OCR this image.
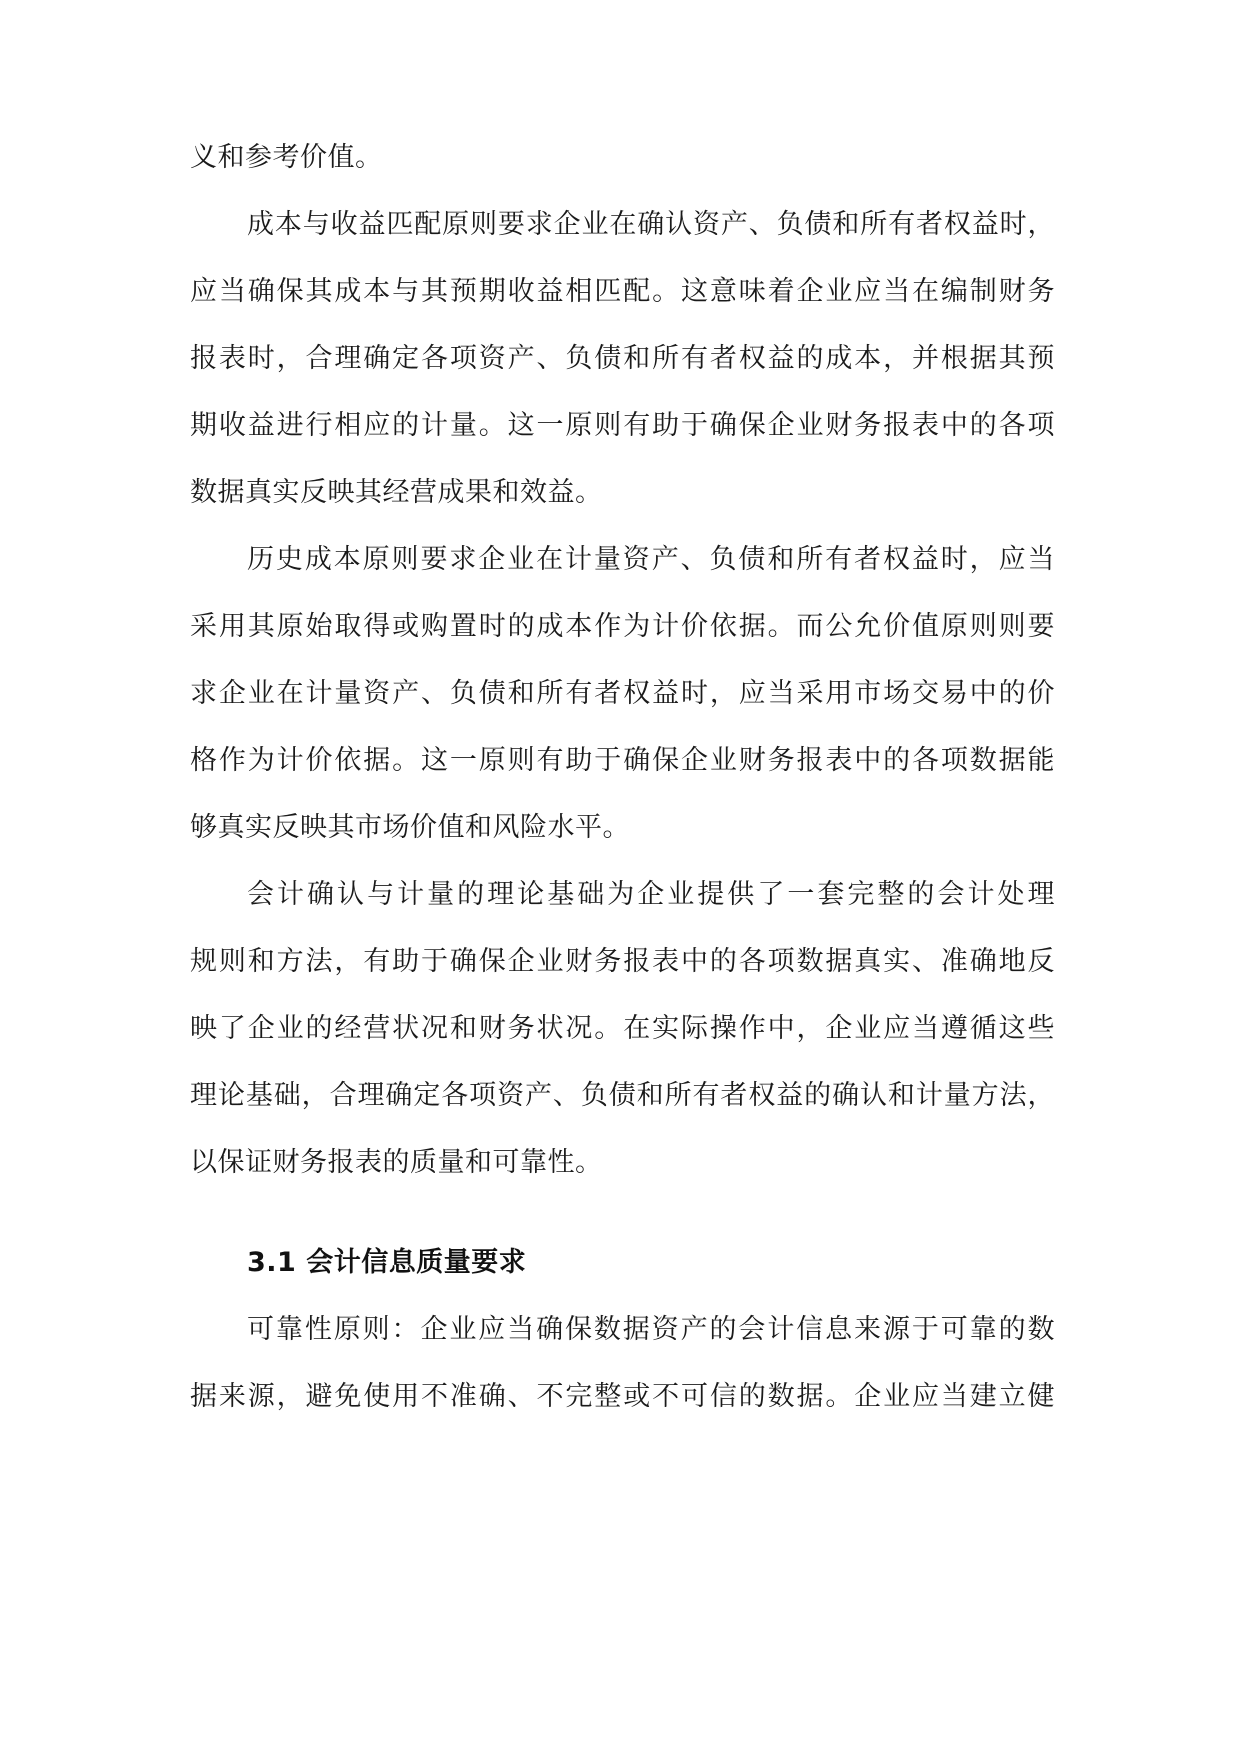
义和参考价值。

成本与收益匹配原则要求企业在确认资产、负债和所有者权益时，

应当确保其成本与其预期收益相匹配。这意味着企业应当在编制财务

报表时，合理确定各项资产、负债和所有者权益的成本，并根据其预

期收益进行相应的计量。这一原则有助于确保企业财务报表中的各项

数据真实反映其经营成果和效益。

历史成本原则要求企业在计量资产、负债和所有者权益时，应当

采用其原始取得或购置时的成本作为计价依据。而公允价值原则则要

求企业在计量资产、负债和所有者权益时，应当采用市场交易中的价

格作为计价依据。这一原则有助于确保企业财务报表中的各项数据能

够真实反映其市场价值和风险水平。

会计确认与计量的理论基础为企业提供了一套完整的会计处理

规则和方法，有助于确保企业财务报表中的各项数据真实、准确地反

映了企业的经营状况和财务状况。在实际操作中，企业应当遵循这些

理论基础，合理确定各项资产、负债和所有者权益的确认和计量方法，

以保证财务报表的质量和可靠性。

3.1 会计信息质量要求

可靠性原则：企业应当确保数据资产的会计信息来源于可靠的数

据来源，避免使用不准确、不完整或不可信的数据。企业应当建立健
